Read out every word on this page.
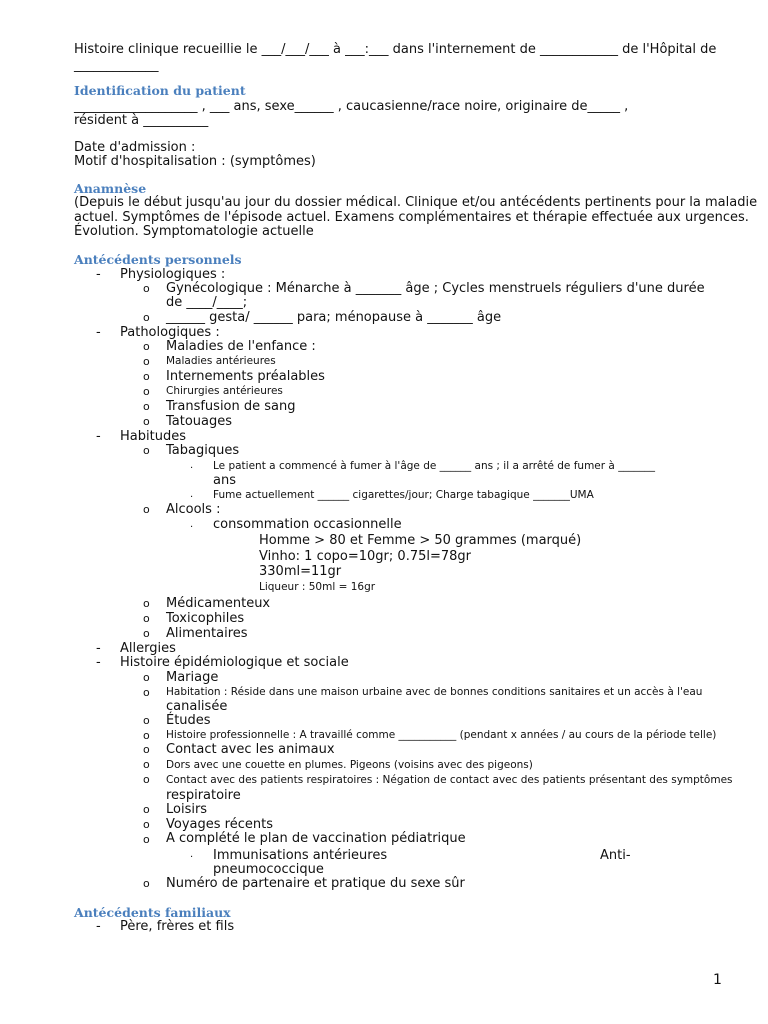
Histoire clinique recueillie le ___/___/___ à ___:___ dans l'internement de ____________ de l'Hôpital de
_____________
Identification du patient
___________________ , ___ ans, sexe______ , caucasienne/race noire, originaire de_____ ,
résident à __________
Date d'admission :
Motif d'hospitalisation : (symptômes)
Anamnèse
(Depuis le début jusqu'au jour du dossier médical. Clinique et/ou antécédents pertinents pour la maladie
actuel. Symptômes de l'épisode actuel. Examens complémentaires et thérapie effectuée aux urgences.
Évolution. Symptomatologie actuelle
Antécédents personnels
- Physiologiques :
o Gynécologique : Ménarche à _______ âge ; Cycles menstruels réguliers d'une durée
de ____/____;
o ______ gesta/ ______ para; ménopause à _______ âge
- Pathologiques :
o Maladies de l'enfance :
o Maladies antérieures
o Internements préalables
o Chirurgies antérieures
o Transfusion de sang
o Tatouages
- Habitudes
o Tabagiques
. Le patient a commencé à fumer à l'âge de ______ ans ; il a arrêté de fumer à _______
ans
. Fume actuellement ______ cigarettes/jour; Charge tabagique _______UMA
o Alcools :
. consommation occasionnelle
Homme > 80 et Femme > 50 grammes (marqué)
Vinho: 1 copo=10gr; 0.75l=78gr
330ml=11gr
Liqueur : 50ml = 16gr
o Médicamenteux
o Toxicophiles
o Alimentaires
- Allergies
- Histoire épidémiologique et sociale
o Mariage
o Habitation : Réside dans une maison urbaine avec de bonnes conditions sanitaires et un accès à l'eau
canalisée
o Études
o Histoire professionnelle : A travaillé comme ___________ (pendant x années / au cours de la période telle)
o Contact avec les animaux
o Dors avec une couette en plumes. Pigeons (voisins avec des pigeons)
o Contact avec des patients respiratoires : Négation de contact avec des patients présentant des symptômes
respiratoire
o Loisirs
o Voyages récents
o A complété le plan de vaccination pédiatrique
. Immunisations antérieures	Anti-
pneumococcique
o Numéro de partenaire et pratique du sexe sûr
Antécédents familiaux
- Père, frères et fils
1
